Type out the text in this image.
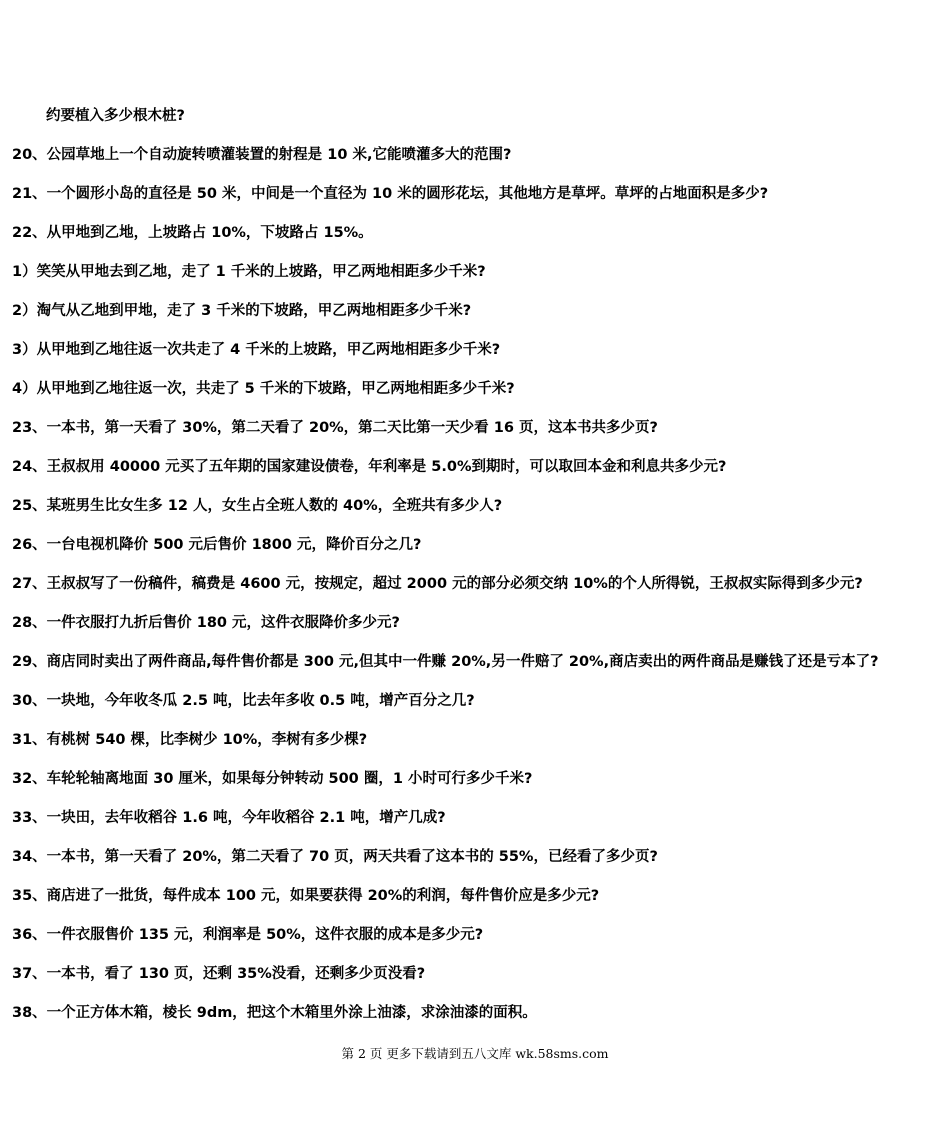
约要植入多少根木桩?
20、公园草地上一个自动旋转喷灌装置的射程是 10 米,它能喷灌多大的范围?
21、一个圆形小岛的直径是 50 米，中间是一个直径为 10 米的圆形花坛，其他地方是草坪。草坪的占地面积是多少?
22、从甲地到乙地，上坡路占 10%，下坡路占 15%。
1）笑笑从甲地去到乙地，走了 1 千米的上坡路，甲乙两地相距多少千米?
2）淘气从乙地到甲地，走了 3 千米的下坡路，甲乙两地相距多少千米?
3）从甲地到乙地往返一次共走了 4 千米的上坡路，甲乙两地相距多少千米?
4）从甲地到乙地往返一次，共走了 5 千米的下坡路，甲乙两地相距多少千米?
23、一本书，第一天看了 30%，第二天看了 20%，第二天比第一天少看 16 页，这本书共多少页?
24、王叔叔用 40000 元买了五年期的国家建设债卷，年利率是 5.0%到期时，可以取回本金和利息共多少元?
25、某班男生比女生多 12 人，女生占全班人数的 40%，全班共有多少人?
26、一台电视机降价 500 元后售价 1800 元，降价百分之几?
27、王叔叔写了一份稿件，稿费是 4600 元，按规定，超过 2000 元的部分必须交纳 10%的个人所得锐，王叔叔实际得到多少元?
28、一件衣服打九折后售价 180 元，这件衣服降价多少元?
29、商店同时卖出了两件商品,每件售价都是 300 元,但其中一件赚 20%,另一件赔了 20%,商店卖出的两件商品是赚钱了还是亏本了?
30、一块地，今年收冬瓜 2.5 吨，比去年多收 0.5 吨，增产百分之几?
31、有桃树 540 棵，比李树少 10%，李树有多少棵?
32、车轮轮轴离地面 30 厘米，如果每分钟转动 500 圈，1 小时可行多少千米?
33、一块田，去年收稻谷 1.6 吨，今年收稻谷 2.1 吨，增产几成?
34、一本书，第一天看了 20%，第二天看了 70 页，两天共看了这本书的 55%，已经看了多少页?
35、商店进了一批货，每件成本 100 元，如果要获得 20%的利润，每件售价应是多少元?
36、一件衣服售价 135 元，利润率是 50%，这件衣服的成本是多少元?
37、一本书，看了 130 页，还剩 35%没看，还剩多少页没看?
38、一个正方体木箱，棱长 9dm，把这个木箱里外涂上油漆，求涂油漆的面积。
第 2 页 更多下载请到五八文库 wk.58sms.com
